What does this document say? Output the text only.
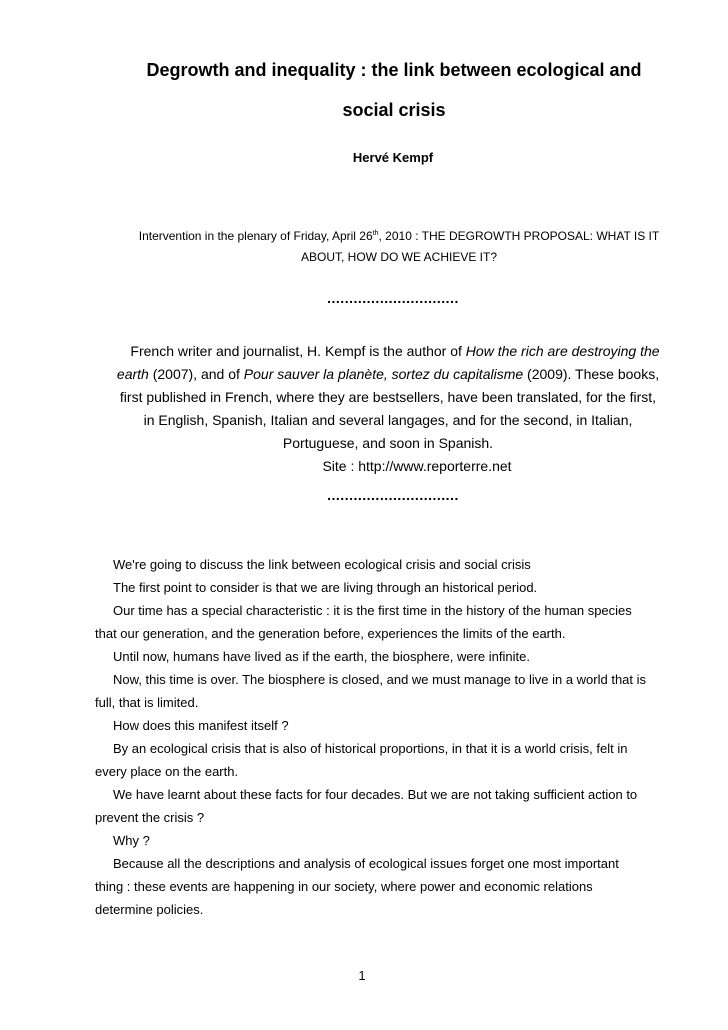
Degrowth and inequality : the link between ecological and
social crisis

Hervé Kempf

Intervention in the plenary of Friday, April 26th, 2010 : THE DEGROWTH PROPOSAL: WHAT IS IT
ABOUT, HOW DO WE ACHIEVE IT?

..............................

French writer and journalist, H. Kempf is the author of How the rich are destroying the
earth (2007), and of Pour sauver la planète, sortez du capitalisme (2009). These books,
first published in French, where they are bestsellers, have been translated, for the first,
in English, Spanish, Italian and several langages, and for the second, in Italian,
Portuguese, and soon in Spanish.
Site : http://www.reporterre.net

..............................

We're going to discuss the link between ecological crisis and social crisis
The first point to consider is that we are living through an historical period.
Our time has a special characteristic : it is the first time in the history of the human species
that our generation, and the generation before, experiences the limits of the earth.
Until now, humans have lived as if the earth, the biosphere, were infinite.
Now, this time is over. The biosphere is closed, and we must manage to live in a world that is
full, that is limited.
How does this manifest itself ?
By an ecological crisis that is also of historical proportions, in that it is a world crisis, felt in
every place on the earth.
We have learnt about these facts for four decades. But we are not taking sufficient action to
prevent the crisis ?
Why ?
Because all the descriptions and analysis of ecological issues forget one most important
thing : these events are happening in our society, where power and economic relations
determine policies.

1
